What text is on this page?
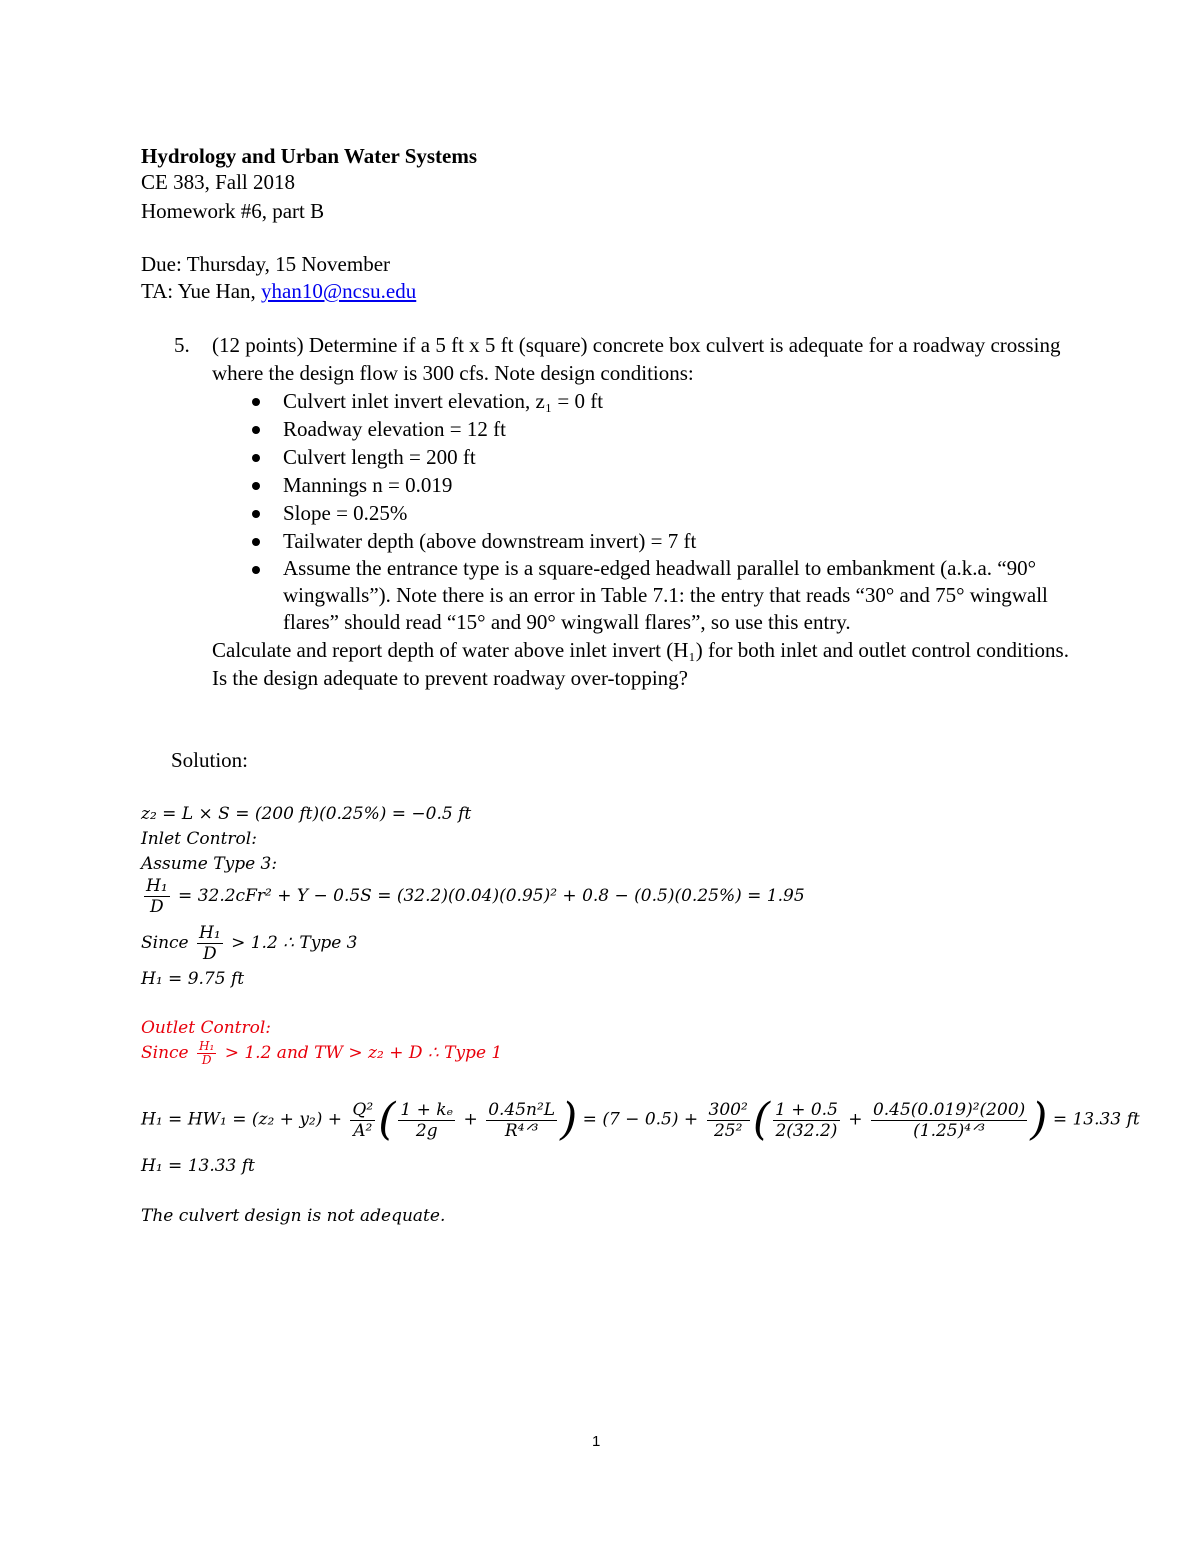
Hydrology and Urban Water Systems
CE 383, Fall 2018
Homework #6, part B
Due: Thursday, 15 November
TA: Yue Han, yhan10@ncsu.edu
5. (12 points) Determine if a 5 ft x 5 ft (square) concrete box culvert is adequate for a roadway crossing where the design flow is 300 cfs. Note design conditions:
Culvert inlet invert elevation, z₁ = 0 ft
Roadway elevation = 12 ft
Culvert length = 200 ft
Mannings n = 0.019
Slope = 0.25%
Tailwater depth (above downstream invert) = 7 ft
Assume the entrance type is a square-edged headwall parallel to embankment (a.k.a. “90° wingwalls”). Note there is an error in Table 7.1: the entry that reads “30° and 75° wingwall flares” should read “15° and 90° wingwall flares”, so use this entry.
Calculate and report depth of water above inlet invert (H₁) for both inlet and outlet control conditions. Is the design adequate to prevent roadway over-topping?
Solution:
z₂ = L × S = (200 ft)(0.25%) = −0.5 ft
Inlet Control:
Assume Type 3:
$\frac{\text{H₁}}{D} = 32.2cFr^2 + Y - 0.5S = (32.2)(0.04)(0.95)^2 + 0.8 - (0.5)(0.25\%) = 1.95$
Since $\frac{\text{H₁}}{D} > 1.2$ ∴ Type 3
H₁ = 9.75 ft
Outlet Control:
Since $\frac{\text{H₁}}{D} > 1.2$ and TW > z₂ + D ∴ Type 1
$H_1 = HW_1 = (z_2 + y_2) + \frac{\text{Q²}}{\text{A²}}$ ( $\frac{\text{1 + kₑ}}{2g} + \frac{\text{0.45n²L}}{\text{R⁴ᐟ³}}$ ) = $(7 - 0.5) + \frac{\text{300²}}{\text{25²}}$ ( $\frac{1 + 0.5}{2(32.2)} + \frac{\text{0.45(0.019)²(200)}}{\text{(1.25)⁴ᐟ³}}$ ) = 13.33 ft
H₁ = 13.33 ft
The culvert design is not adequate.
1
